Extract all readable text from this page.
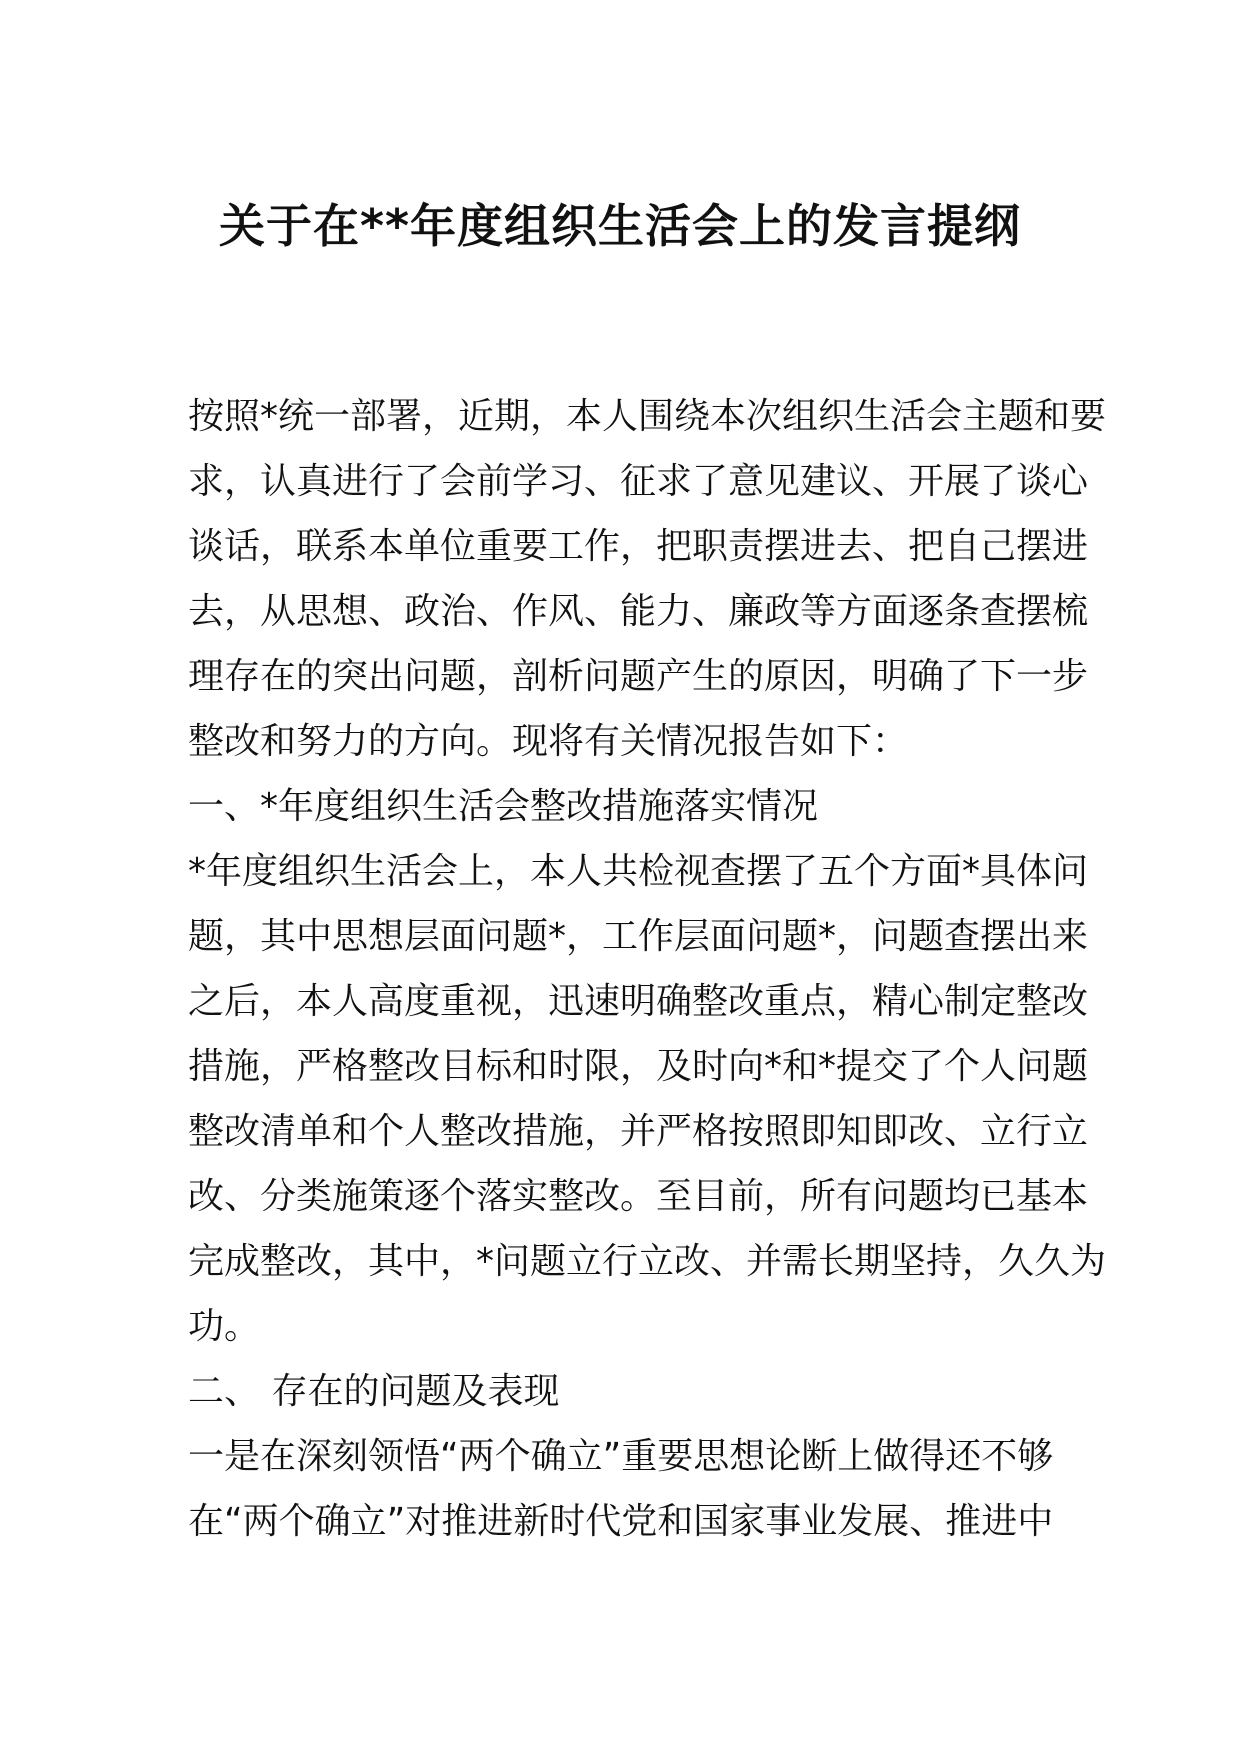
关于在**年度组织生活会上的发言提纲
按照*统一部署，近期，本人围绕本次组织生活会主题和要
求，认真进行了会前学习、征求了意见建议、开展了谈心
谈话，联系本单位重要工作，把职责摆进去、把自己摆进
去，从思想、政治、作风、能力、廉政等方面逐条查摆梳
理存在的突出问题，剖析问题产生的原因，明确了下一步
整改和努力的方向。现将有关情况报告如下：
一、*年度组织生活会整改措施落实情况
*年度组织生活会上，本人共检视查摆了五个方面*具体问
题，其中思想层面问题*，工作层面问题*，问题查摆出来
之后，本人高度重视，迅速明确整改重点，精心制定整改
措施，严格整改目标和时限，及时向*和*提交了个人问题
整改清单和个人整改措施，并严格按照即知即改、立行立
改、分类施策逐个落实整改。至目前，所有问题均已基本
完成整改，其中，*问题立行立改、并需长期坚持，久久为
功。
二、 存在的问题及表现
一是在深刻领悟“两个确立”重要思想论断上做得还不够
在“两个确立”对推进新时代党和国家事业发展、推进中
